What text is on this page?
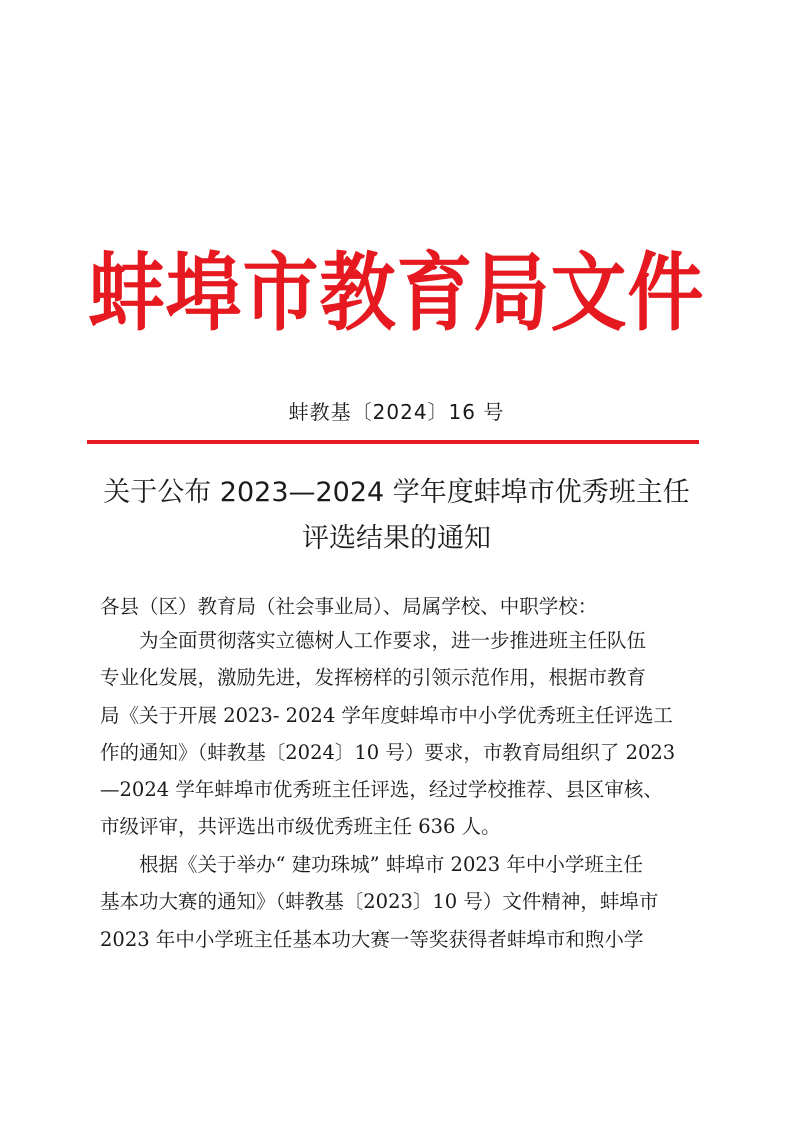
蚌埠市教育局文件
蚌教基〔2024〕16 号
关于公布 2023—2024 学年度蚌埠市优秀班主任
评选结果的通知
各县（区）教育局（社会事业局）、局属学校、中职学校：
　　为全面贯彻落实立德树人工作要求，进一步推进班主任队伍
专业化发展，激励先进，发挥榜样的引领示范作用，根据市教育
局《关于开展 2023- 2024 学年度蚌埠市中小学优秀班主任评选工
作的通知》（蚌教基〔2024〕10 号）要求，市教育局组织了 2023
—2024 学年蚌埠市优秀班主任评选，经过学校推荐、县区审核、
市级评审，共评选出市级优秀班主任 636 人。
　　根据《关于举办“ 建功珠城” 蚌埠市 2023 年中小学班主任
基本功大赛的通知》（蚌教基〔2023〕10 号）文件精神，蚌埠市
2023 年中小学班主任基本功大赛一等奖获得者蚌埠市和煦小学
